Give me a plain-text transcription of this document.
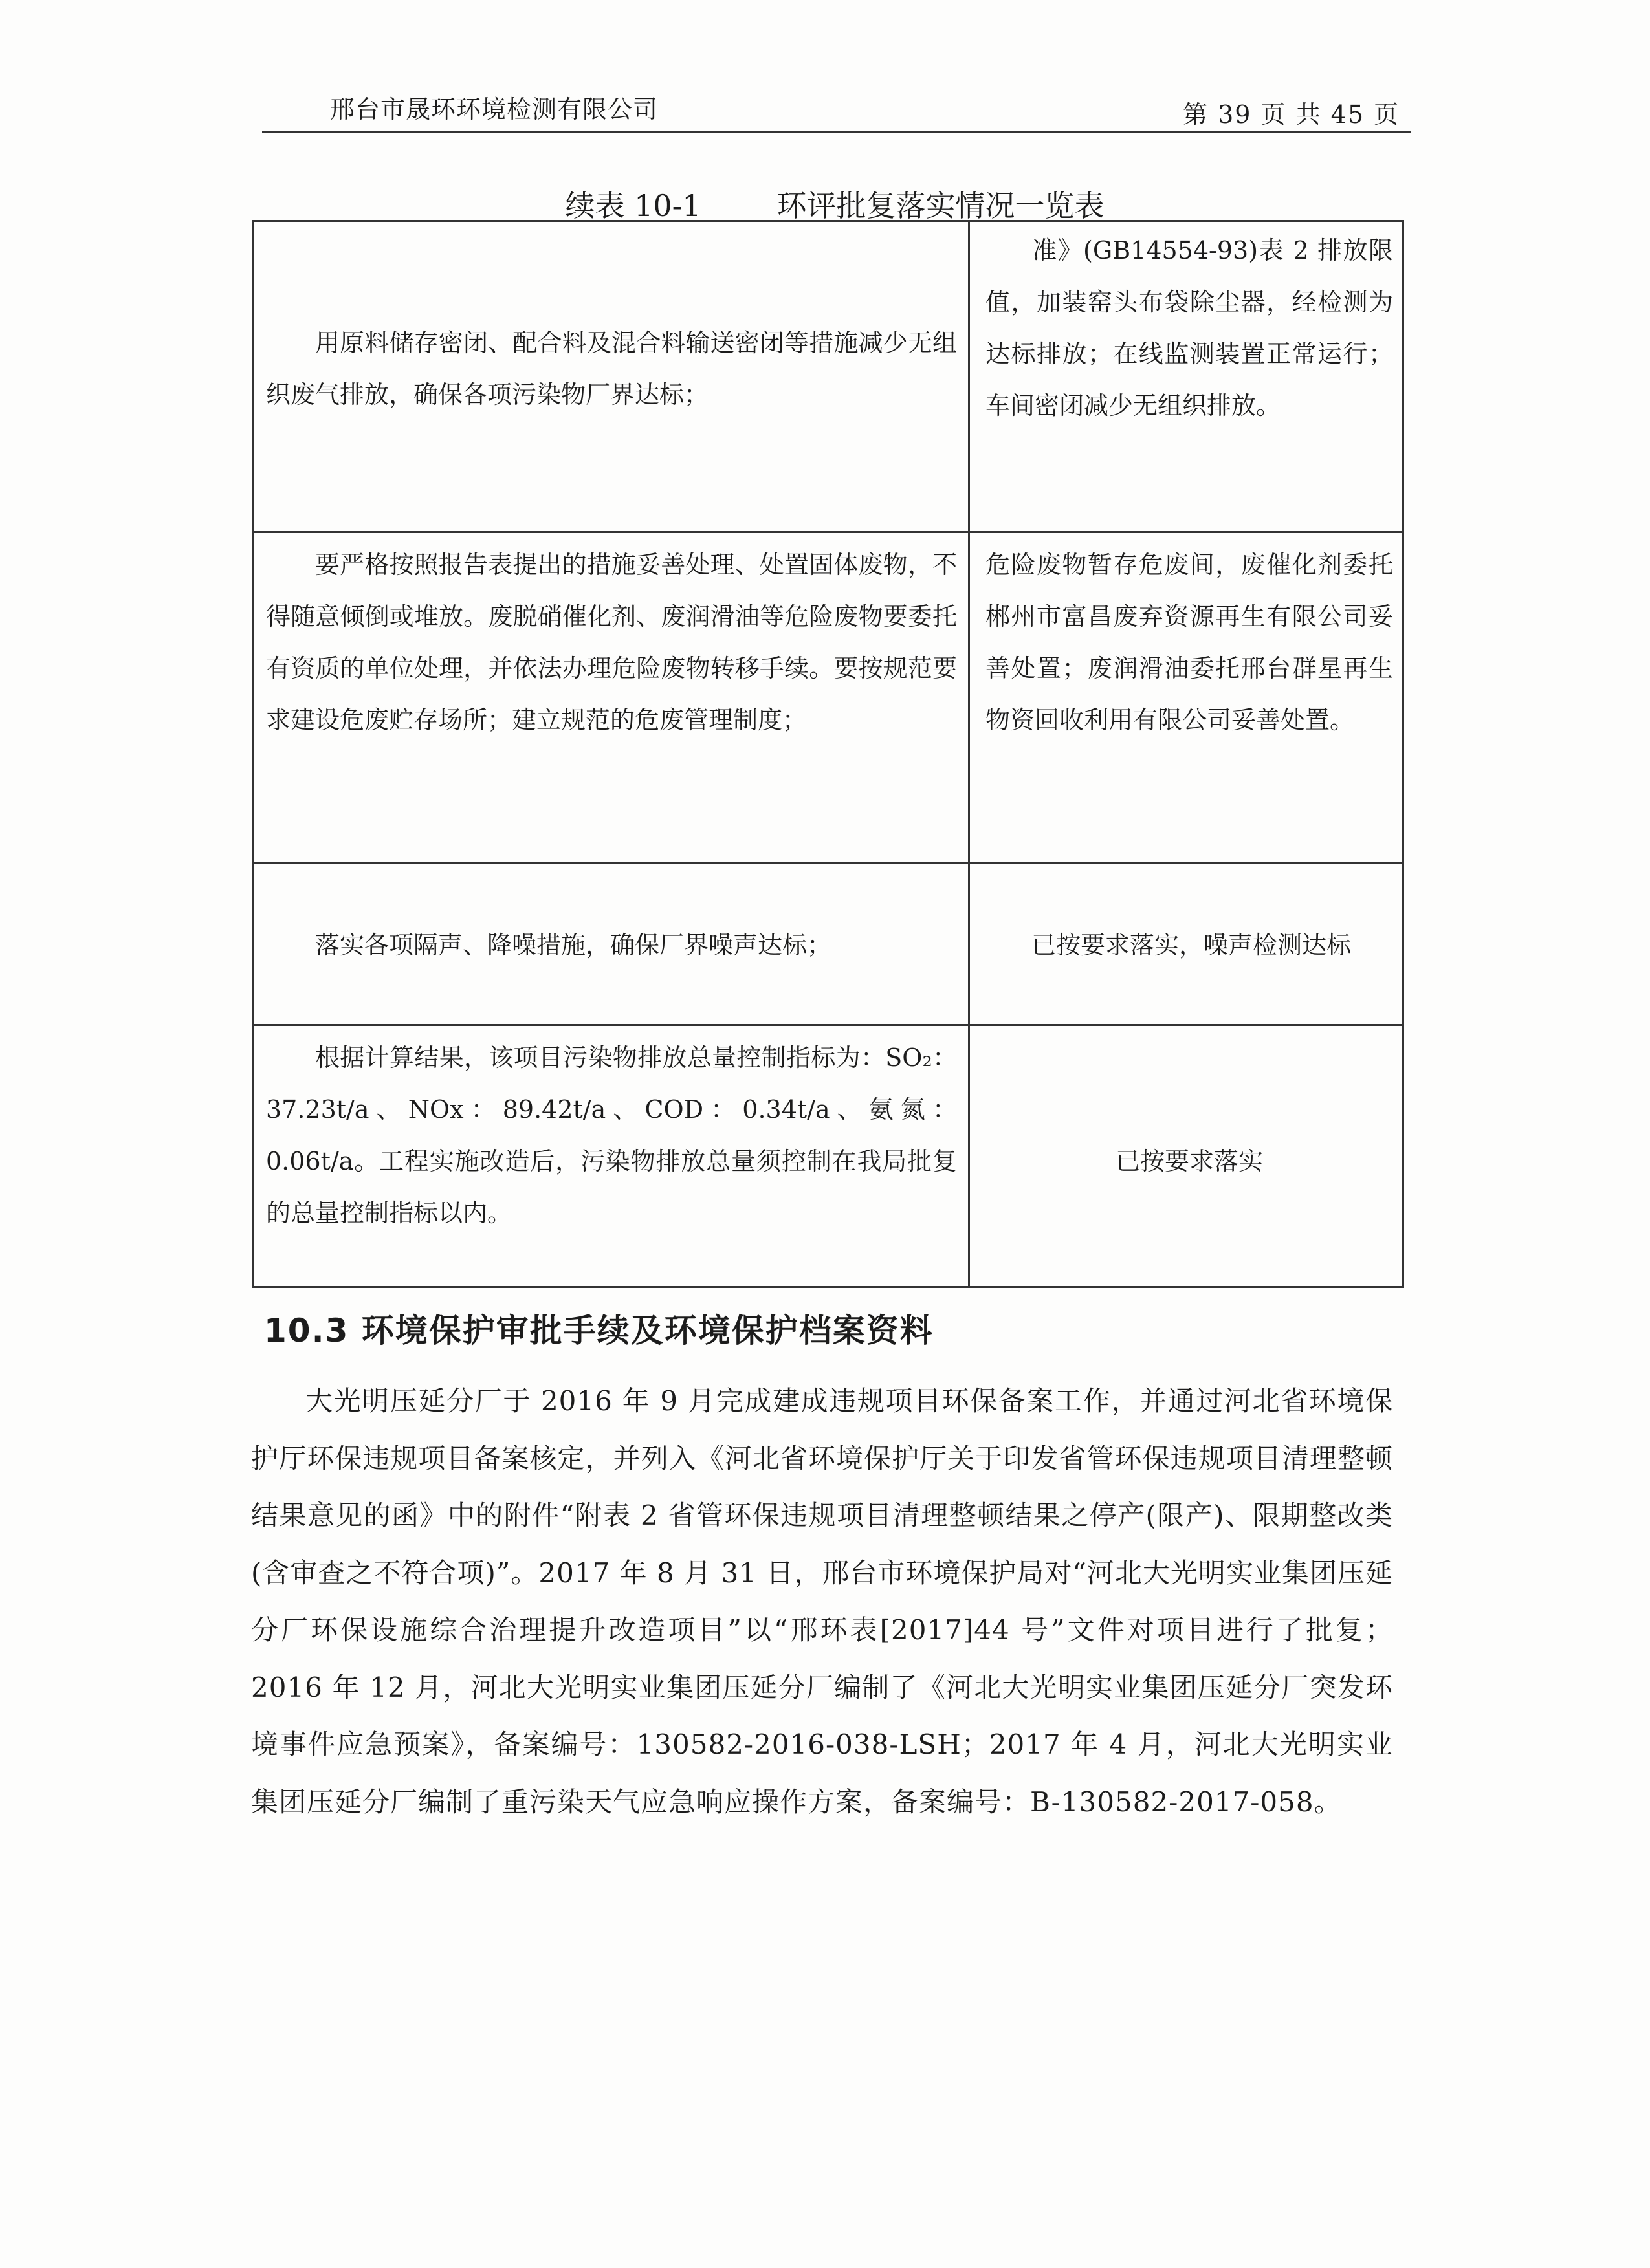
邢台市晟环环境检测有限公司	第 39 页 共 45 页
续表 10-1        环评批复落实情况一览表
用原料储存密闭、配合料及混合料输送密闭等措施减少无组织废气排放，确保各项污染物厂界达标；
准》(GB14554-93)表 2 排放限值，加装窑头布袋除尘器，经检测为达标排放；在线监测装置正常运行；车间密闭减少无组织排放。
要严格按照报告表提出的措施妥善处理、处置固体废物，不得随意倾倒或堆放。废脱硝催化剂、废润滑油等危险废物要委托有资质的单位处理，并依法办理危险废物转移手续。要按规范要求建设危废贮存场所；建立规范的危废管理制度；
危险废物暂存危废间，废催化剂委托郴州市富昌废弃资源再生有限公司妥善处置；废润滑油委托邢台群星再生物资回收利用有限公司妥善处置。
落实各项隔声、降噪措施，确保厂界噪声达标；	已按要求落实，噪声检测达标
根据计算结果，该项目污染物排放总量控制指标为：SO₂：37.23t/a、NOx：89.42t/a、COD：0.34t/a、氨氮：0.06t/a。工程实施改造后，污染物排放总量须控制在我局批复的总量控制指标以内。
已按要求落实
10.3 环境保护审批手续及环境保护档案资料
大光明压延分厂于 2016 年 9 月完成建成违规项目环保备案工作，并通过河北省环境保护厅环保违规项目备案核定，并列入《河北省环境保护厅关于印发省管环保违规项目清理整顿结果意见的函》中的附件“附表 2 省管环保违规项目清理整顿结果之停产(限产)、限期整改类(含审查之不符合项)”。2017 年 8 月 31 日，邢台市环境保护局对“河北大光明实业集团压延分厂环保设施综合治理提升改造项目”以“邢环表[2017]44 号”文件对项目进行了批复；2016 年 12 月，河北大光明实业集团压延分厂编制了《河北大光明实业集团压延分厂突发环境事件应急预案》，备案编号：130582-2016-038-LSH；2017 年 4 月，河北大光明实业集团压延分厂编制了重污染天气应急响应操作方案，备案编号：B-130582-2017-058。
